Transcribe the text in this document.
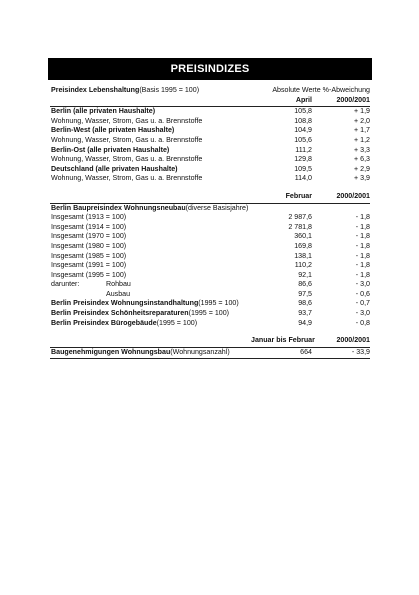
PREISINDIZES
Preisindex Lebenshaltung(Basis 1995 = 100)	Absolute Werte %-Abweichung
April	2000/2001
Berlin (alle privaten Haushalte)	105,8	+ 1,9
Wohnung, Wasser, Strom, Gas u. a. Brennstoffe	108,8	+ 2,0
Berlin-West (alle privaten Haushalte)	104,9	+ 1,7
Wohnung, Wasser, Strom, Gas u. a. Brennstoffe	105,6	+ 1,2
Berlin-Ost (alle privaten Haushalte)	111,2	+ 3,3
Wohnung, Wasser, Strom, Gas u. a. Brennstoffe	129,8	+ 6,3
Deutschland (alle privaten Haushalte)	109,5	+ 2,9
Wohnung, Wasser, Strom, Gas u. a. Brennstoffe	114,0	+ 3,9
Februar	2000/2001
Berlin Baupreisindex Wohnungsneubau(diverse Basisjahre)
Insgesamt (1913 = 100)	2 987,6	- 1,8
Insgesamt (1914 = 100)	2 781,8	- 1,8
Insgesamt (1970 = 100)	360,1	- 1,8
Insgesamt (1980 = 100)	169,8	- 1,8
Insgesamt (1985 = 100)	138,1	- 1,8
Insgesamt (1991 = 100)	110,2	- 1,8
Insgesamt (1995 = 100)	92,1	- 1,8
darunter:	Rohbau	86,6	- 3,0
Ausbau	97,5	- 0,6
Berlin Preisindex Wohnungsinstandhaltung(1995 = 100)	98,6	- 0,7
Berlin Preisindex Schönheitsreparaturen(1995 = 100)	93,7	- 3,0
Berlin Preisindex Bürogebäude(1995 = 100)	94,9	- 0,8
Januar bis Februar	2000/2001
Baugenehmigungen Wohnungsbau(Wohnungsanzahl)	664	- 33,9
